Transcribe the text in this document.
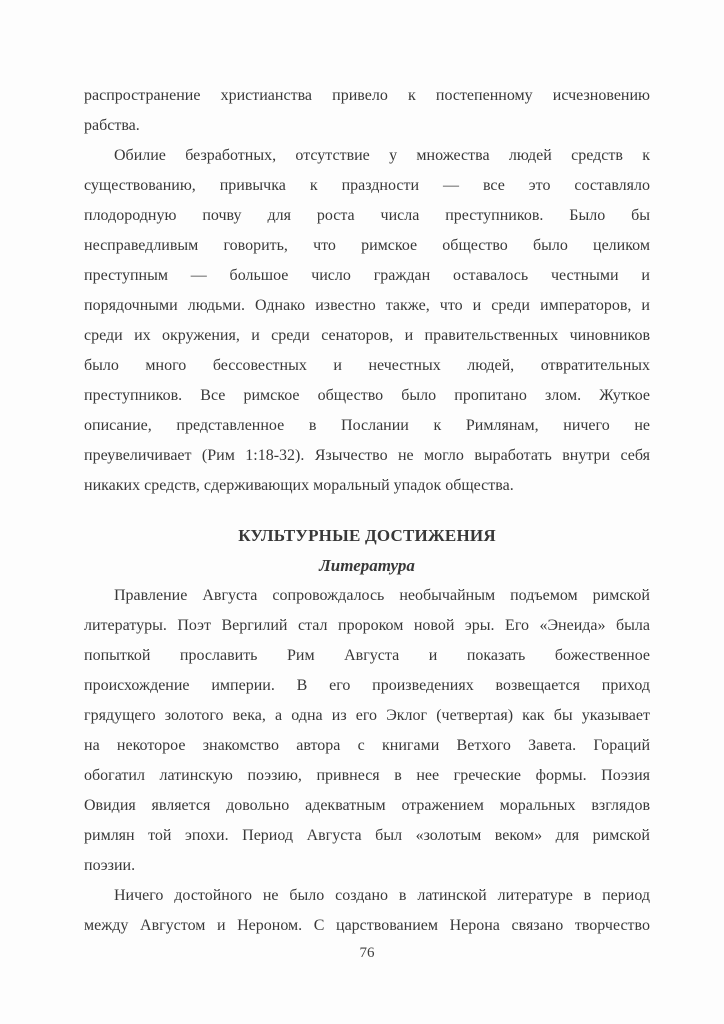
распространение христианства привело к постепенному исчезновению
рабства.
Обилие безработных, отсутствие у множества людей средств к
существованию, привычка к праздности — все это составляло
плодородную почву для роста числа преступников. Было бы
несправедливым говорить, что римское общество было целиком
преступным — большое число граждан оставалось честными и
порядочными людьми. Однако известно также, что и среди императоров, и
среди их окружения, и среди сенаторов, и правительственных чиновников
было много бессовестных и нечестных людей, отвратительных
преступников. Все римское общество было пропитано злом. Жуткое
описание, представленное в Послании к Римлянам, ничего не
преувеличивает (Рим 1:18-32). Язычество не могло выработать внутри себя
никаких средств, сдерживающих моральный упадок общества.
КУЛЬТУРНЫЕ ДОСТИЖЕНИЯ
Литература
Правление Августа сопровождалось необычайным подъемом римской
литературы. Поэт Вергилий стал пророком новой эры. Его «Энеида» была
попыткой прославить Рим Августа и показать божественное
происхождение империи. В его произведениях возвещается приход
грядущего золотого века, а одна из его Эклог (четвертая) как бы указывает
на некоторое знакомство автора с книгами Ветхого Завета. Гораций
обогатил латинскую поэзию, привнеся в нее греческие формы. Поэзия
Овидия является довольно адекватным отражением моральных взглядов
римлян той эпохи. Период Августа был «золотым веком» для римской
поэзии.
Ничего достойного не было создано в латинской литературе в период
между Августом и Нероном. С царствованием Нерона связано творчество
76
